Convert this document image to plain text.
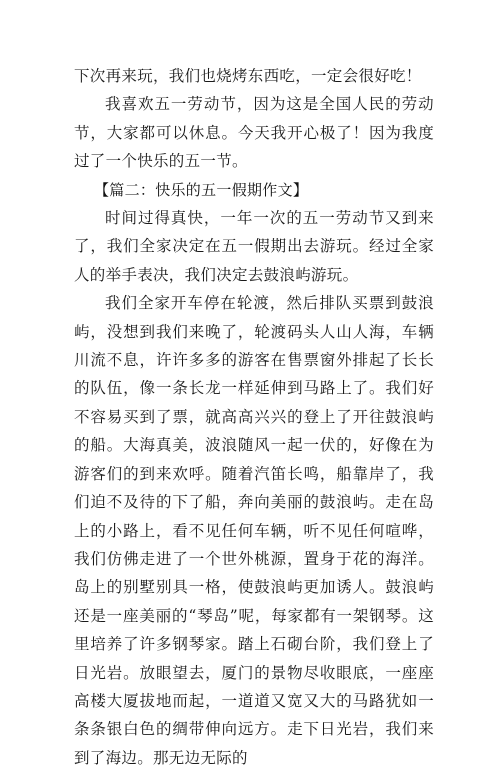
下次再来玩，我们也烧烤东西吃，一定会很好吃！

我喜欢五一劳动节，因为这是全国人民的劳动节，大家都可以休息。今天我开心极了！因为我度过了一个快乐的五一节。

【篇二：快乐的五一假期作文】

时间过得真快，一年一次的五一劳动节又到来了，我们全家决定在五一假期出去游玩。经过全家人的举手表决，我们决定去鼓浪屿游玩。

我们全家开车停在轮渡，然后排队买票到鼓浪屿，没想到我们来晚了，轮渡码头人山人海，车辆川流不息，许许多多的游客在售票窗外排起了长长的队伍，像一条长龙一样延伸到马路上了。我们好不容易买到了票，就高高兴兴的登上了开往鼓浪屿的船。大海真美，波浪随风一起一伏的，好像在为游客们的到来欢呼。随着汽笛长鸣，船靠岸了，我们迫不及待的下了船，奔向美丽的鼓浪屿。走在岛上的小路上，看不见任何车辆，听不见任何喧哗，我们仿佛走进了一个世外桃源，置身于花的海洋。岛上的别墅别具一格，使鼓浪屿更加诱人。鼓浪屿还是一座美丽的“琴岛”呢，每家都有一架钢琴。这里培养了许多钢琴家。踏上石砌台阶，我们登上了日光岩。放眼望去，厦门的景物尽收眼底，一座座高楼大厦拔地而起，一道道又宽又大的马路犹如一条条银白色的绸带伸向远方。走下日光岩，我们来到了海边。那无边无际的
